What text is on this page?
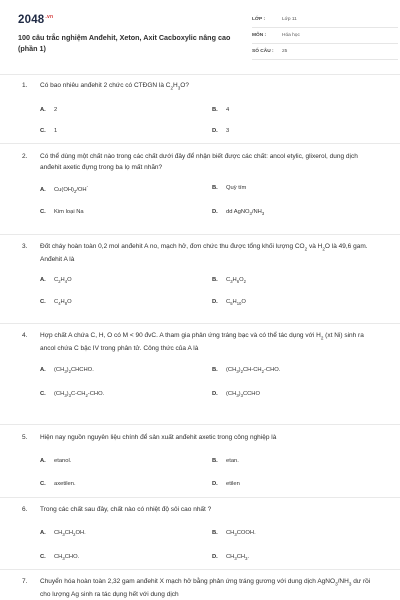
$2048^{.vn}$
100 câu trắc nghiệm Anđehit, Xeton, Axit Cacboxylic nâng cao (phần 1)
LỚP :	Lớp 11
MÔN :	Hóa học
SỐ CÂU : 25
1. Có bao nhiêu anđehit 2 chức có CTĐGN là $C_2H_3O$?
A. 2	B. 4
C. 1	D. 3
2. Có thể dùng một chất nào trong các chất dưới đây để nhận biết được các chất: ancol etylic, glixerol, dung dịch anđehit axetic đựng trong ba lọ mất nhãn?
A. $Cu(OH)_2/OH^-$	B. Quỳ tím
C. Kim loại Na	D. dd $AgNO_3/NH_3$
3. Đốt cháy hoàn toàn 0,2 mol anđehit A no, mạch hở, đơn chức thu được tổng khối lượng $CO_2$ và $H_2O$ là 49,6 gam. Anđehit A là
A. $C_2H_4O$	B. $C_3H_6O_2$
C. $C_4H_8O$	D. $C_5H_{10}O$
4. Hợp chất A chứa C, H, O có M < 90 đvC. A tham gia phản ứng tráng bạc và có thể tác dụng với $H_2$ (xt Ni) sinh ra ancol chứa C bậc IV trong phân tử. Công thức của A là
A. $(CH_3)_2CHCHO$.	B. $(CH_3)_2CH-CH_2$-CHO.
C. $(CH_3)_3C-CH_2$-CHO.	D. $(CH_3)_3CCHO$
5. Hiện nay nguồn nguyên liệu chính để sản xuất anđehit axetic trong công nghiệp là
A. etanol.	B. etan.
C. axetilen.	D. etilen
6. Trong các chất sau đây, chất nào có nhiệt độ sôi cao nhất ?
A. $CH_3CH_2OH$.	B. $CH_3COOH$.
C. $CH_3CHO$.	D. $CH_3CH_3$.
7. Chuyển hóa hoàn toàn 2,32 gam anđehit X mạch hở bằng phản ứng tráng gương với dung dịch $AgNO_3/NH_3$ dư rồi cho lượng Ag sinh ra tác dụng hết với dung dịch
